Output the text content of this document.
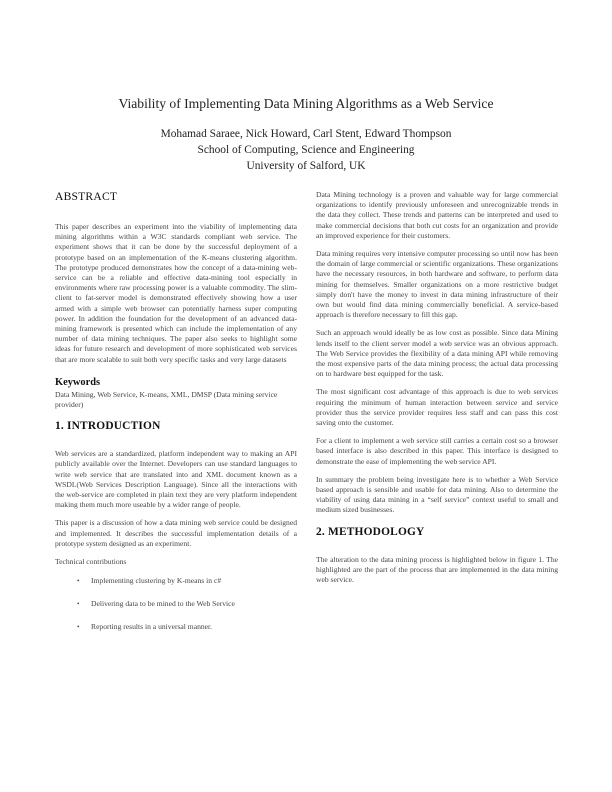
Viability of Implementing Data Mining Algorithms as a Web Service
Mohamad Saraee, Nick Howard, Carl Stent, Edward Thompson
School of Computing, Science and Engineering
University of Salford, UK
ABSTRACT

This paper describes an experiment into the viability of implementing data mining algorithms within a W3C standards compliant web service. The experiment shows that it can be done by the successful deployment of a prototype based on an implementation of the K-means clustering algorithm. The prototype produced demonstrates how the concept of a data-mining web-service can be a reliable and effective data-mining tool especially in environments where raw processing power is a valuable commodity. The slim-client to fat-server model is demonstrated effectively showing how a user armed with a simple web browser can potentially harness super computing power. In addition the foundation for the development of an advanced data-mining framework is presented which can include the implementation of any number of data mining techniques. The paper also seeks to highlight some ideas for future research and development of more sophisticated web services that are more scalable to suit both very specific tasks and very large datasets

Keywords

Data Mining, Web Service, K-means, XML, DMSP (Data mining service provider)

1. INTRODUCTION

Web services are a standardized, platform independent way to making an API publicly available over the Internet. Developers can use standard languages to write web service that are translated into and XML document known as a WSDL(Web Services Description Language). Since all the interactions with the web-service are completed in plain text they are very platform independent making them much more useable by a wider range of people.

This paper is a discussion of how a data mining web service could be designed and implemented. It describes the successful implementation details of a prototype system designed as an experiment.

Technical contributions

• Implementing clustering by K-means in c#
• Delivering data to be mined to the Web Service
• Reporting results in a universal manner.

Data Mining technology is a proven and valuable way for large commercial organizations to identify previously unforeseen and unrecognizable trends in the data they collect. These trends and patterns can be interpreted and used to make commercial decisions that both cut costs for an organization and provide an improved experience for their customers.

Data mining requires very intensive computer processing so until now has been the domain of large commercial or scientific organizations. These organizations have the necessary resources, in both hardware and software, to perform data mining for themselves. Smaller organizations on a more restrictive budget simply don't have the money to invest in data mining infrastructure of their own but would find data mining commercially beneficial. A service-based approach is therefore necessary to fill this gap.

Such an approach would ideally be as low cost as possible. Since data Mining lends itself to the client server model a web service was an obvious approach. The Web Service provides the flexibility of a data mining API while removing the most expensive parts of the data mining process; the actual data processing on to hardware best equipped for the task.

The most significant cost advantage of this approach is due to web services requiring the minimum of human interaction between service and service provider thus the service provider requires less staff and can pass this cost saving onto the customer.

For a client to implement a web service still carries a certain cost so a browser based interface is also described in this paper. This interface is designed to demonstrate the ease of implementing the web service API.

In summary the problem being investigate here is to whether a Web Service based approach is sensible and usable for data mining. Also to determine the viability of using data mining in a “self service” context useful to small and medium sized businesses.

2. METHODOLOGY

The alteration to the data mining process is highlighted below in figure 1. The highlighted are the part of the process that are implemented in the data mining web service.
